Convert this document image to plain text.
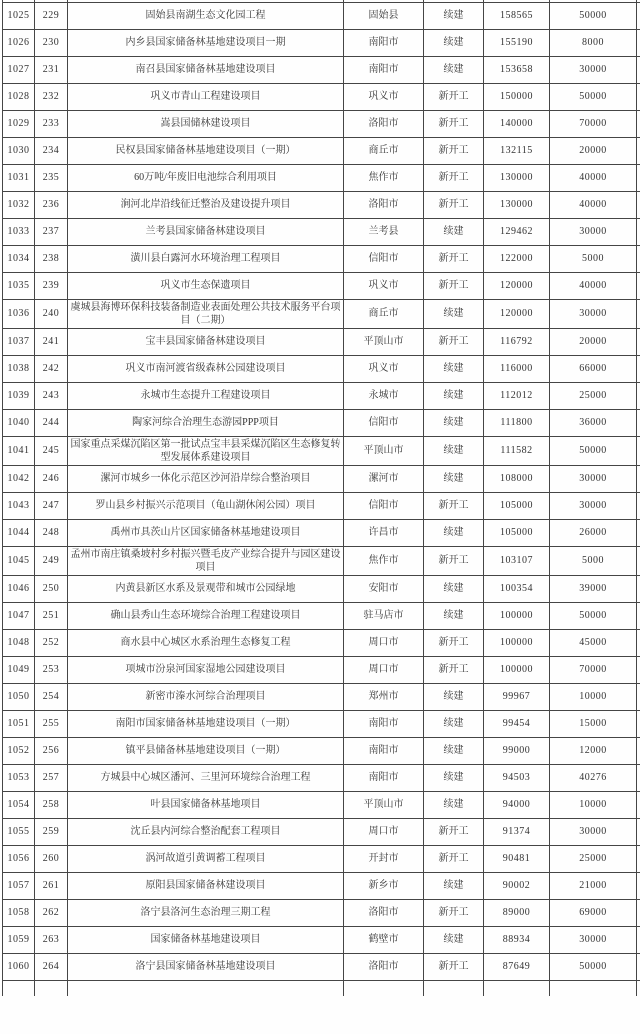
1025	229	固始县南湖生态文化园工程	固始县	续建	158565	50000	
1026	230	内乡县国家储备林基地建设项目一期	南阳市	续建	155190	8000	
1027	231	南召县国家储备林基地建设项目	南阳市	续建	153658	30000	
1028	232	巩义市青山工程建设项目	巩义市	新开工	150000	50000	
1029	233	嵩县国储林建设项目	洛阳市	新开工	140000	70000	
1030	234	民权县国家储备林基地建设项目（一期）	商丘市	新开工	132115	20000	
1031	235	60万吨/年废旧电池综合利用项目	焦作市	新开工	130000	40000	
1032	236	涧河北岸沿线征迁整治及建设提升项目	洛阳市	新开工	130000	40000	
1033	237	兰考县国家储备林建设项目	兰考县	续建	129462	30000	
1034	238	潢川县白露河水环境治理工程项目	信阳市	新开工	122000	5000	
1035	239	巩义市生态保遗项目	巩义市	新开工	120000	40000	
1036	240	虞城县海博环保科技装备制造业表面处理公共技术服务平台项目（二期）	商丘市	续建	120000	30000	
1037	241	宝丰县国家储备林建设项目	平顶山市	新开工	116792	20000	
1038	242	巩义市南河渡省级森林公园建设项目	巩义市	续建	116000	66000	
1039	243	永城市生态提升工程建设项目	永城市	续建	112012	25000	
1040	244	陶家河综合治理生态游园PPP项目	信阳市	续建	111800	36000	
1041	245	国家重点采煤沉陷区第一批试点宝丰县采煤沉陷区生态修复转型发展体系建设项目	平顶山市	续建	111582	50000	
1042	246	漯河市城乡一体化示范区沙河沿岸综合整治项目	漯河市	续建	108000	30000	
1043	247	罗山县乡村振兴示范项目（龟山湖休闲公园）项目	信阳市	新开工	105000	30000	
1044	248	禹州市具茨山片区国家储备林基地建设项目	许昌市	续建	105000	26000	
1045	249	孟州市南庄镇桑坡村乡村振兴暨毛皮产业综合提升与园区建设项目	焦作市	新开工	103107	5000	
1046	250	内黄县新区水系及景观带和城市公园绿地	安阳市	续建	100354	39000	
1047	251	确山县秀山生态环境综合治理工程建设项目	驻马店市	续建	100000	50000	
1048	252	商水县中心城区水系治理生态修复工程	周口市	新开工	100000	45000	
1049	253	项城市汾泉河国家湿地公园建设项目	周口市	新开工	100000	70000	
1050	254	新密市溱水河综合治理项目	郑州市	续建	99967	10000	
1051	255	南阳市国家储备林基地建设项目（一期）	南阳市	续建	99454	15000	
1052	256	镇平县储备林基地建设项目（一期）	南阳市	续建	99000	12000	
1053	257	方城县中心城区潘河、三里河环境综合治理工程	南阳市	续建	94503	40276	
1054	258	叶县国家储备林基地项目	平顶山市	续建	94000	10000	
1055	259	沈丘县内河综合整治配套工程项目	周口市	新开工	91374	30000	
1056	260	涡河故道引黄调蓄工程项目	开封市	新开工	90481	25000	
1057	261	原阳县国家储备林建设项目	新乡市	续建	90002	21000	
1058	262	洛宁县洛河生态治理三期工程	洛阳市	新开工	89000	69000	
1059	263	国家储备林基地建设项目	鹤壁市	续建	88934	30000	
1060	264	洛宁县国家储备林基地建设项目	洛阳市	新开工	87649	50000	
